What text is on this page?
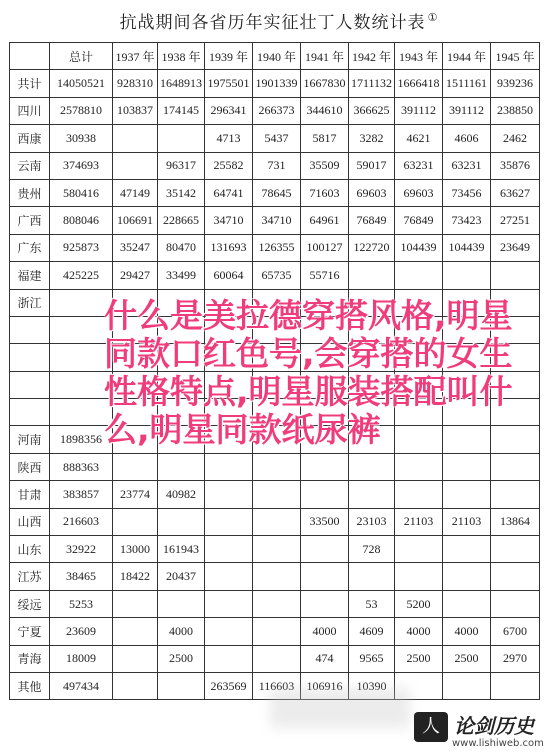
抗战期间各省历年实征壮丁人数统计表 ①
	总计	1937 年	1938 年	1939 年	1940 年	1941 年	1942 年	1943 年	1944 年	1945 年
共计	14050521	928310	1648913	1975501	1901339	1667830	1711132	1666418	1511161	939236
四川	2578810	103837	174145	296341	266373	344610	366625	391112	391112	238850
西康	30938			4713	5437	5817	3282	4621	4606	2462
云南	374693		96317	25582	731	35509	59017	63231	63231	35876
贵州	580416	47149	35142	64741	78645	71603	69603	69603	73456	63627
广西	808046	106691	228665	34710	34710	64961	76849	76849	73423	27251
广东	925873	35247	80470	131693	126355	100127	122720	104439	104439	23649
福建	425225	29427	33499	60064	65735	55716				
浙江										

河南	1898356									
陕西	888363									
甘肃	383857	23774	40982							
山西	216603					33500	23103	21103	21103	13864
山东	32922	13000	161943				728			
江苏	38465	18422	20437							
绥远	5253						53	5200		
宁夏	23609		4000			4000	4609	4000	4000	6700
青海	18009		2500			474	9565	2500	2500	2970
其他	497434			263569	116603	106916	10390			
什么是美拉德穿搭风格,明星
同款口红色号,会穿搭的女生
性格特点,明星服装搭配叫什
么,明星同款纸尿裤
人 论剑历史
www.lishiweb.com
